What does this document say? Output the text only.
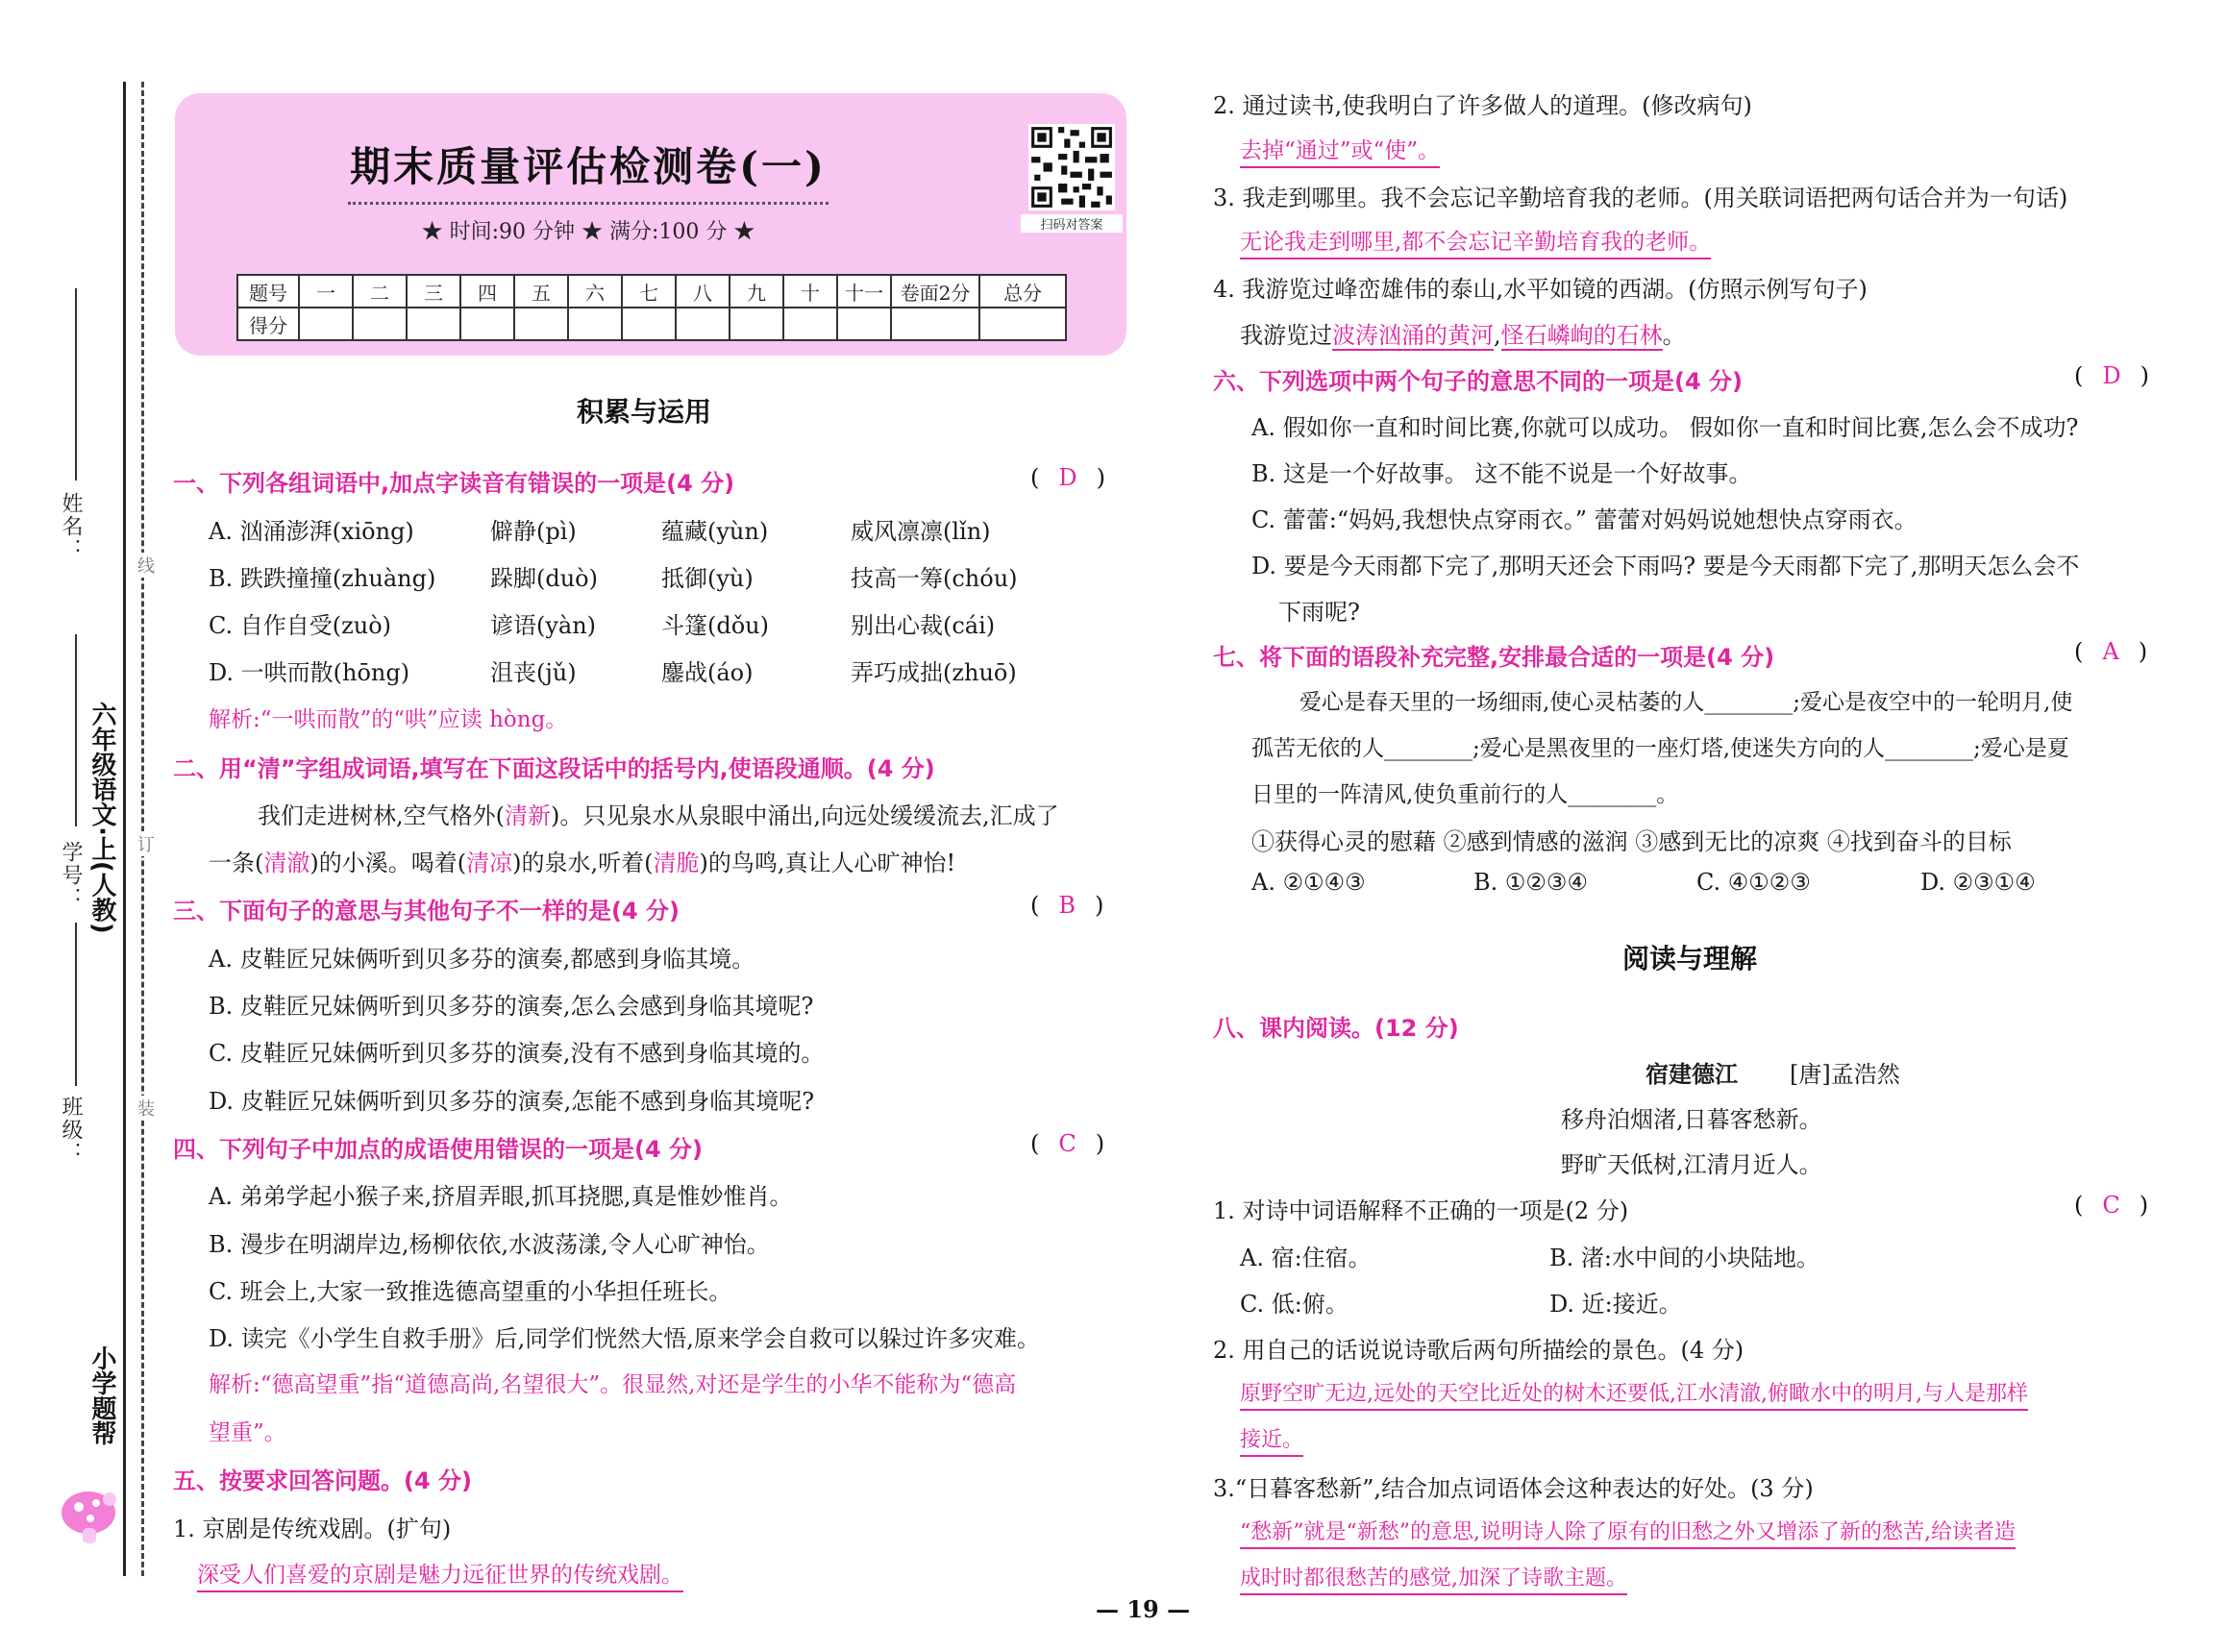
姓名：
学号：
班级：
六年级语文·上(人教)
线
订
装
小学题帮
期末质量评估检测卷(一)
★ 时间:90 分钟 ★ 满分:100 分 ★	扫码对答案
题号	一	二	三	四	五	六	七	八	九	十	十一	卷面2分	总分
得分													
积累与运用
一、下列各组词语中,加点字读音有错误的一项是(4 分)	( D )
A. 汹涌澎湃(xiōng)	僻静(pì)	蕴藏(yùn)	威风凛凛(lǐn)
B. 跌跌撞撞(zhuàng) 跺脚(duò)	抵御(yù)	技高一筹(chóu)
C. 自作自受(zuò)	谚语(yàn)	斗篷(dǒu)	别出心裁(cái)
D. 一哄而散(hōng)	沮丧(jǔ)	鏖战(áo)	弄巧成拙(zhuō)
解析:“一哄而散”的“哄”应读 hòng。
二、用“清”字组成词语,填写在下面这段话中的括号内,使语段通顺。(4 分)
我们走进树林,空气格外(清新)。只见泉水从泉眼中涌出,向远处缓缓流去,汇成了
一条(清澈)的小溪。喝着(清凉)的泉水,听着(清脆)的鸟鸣,真让人心旷神怡!
三、下面句子的意思与其他句子不一样的是(4 分)	( B )
A. 皮鞋匠兄妹俩听到贝多芬的演奏,都感到身临其境。
B. 皮鞋匠兄妹俩听到贝多芬的演奏,怎么会感到身临其境呢?
C. 皮鞋匠兄妹俩听到贝多芬的演奏,没有不感到身临其境的。
D. 皮鞋匠兄妹俩听到贝多芬的演奏,怎能不感到身临其境呢?
四、下列句子中加点的成语使用错误的一项是(4 分)	( C )
A. 弟弟学起小猴子来,挤眉弄眼,抓耳挠腮,真是惟妙惟肖。
B. 漫步在明湖岸边,杨柳依依,水波荡漾,令人心旷神怡。
C. 班会上,大家一致推选德高望重的小华担任班长。
D. 读完《小学生自救手册》后,同学们恍然大悟,原来学会自救可以躲过许多灾难。
解析:“德高望重”指“道德高尚,名望很大”。很显然,对还是学生的小华不能称为“德高
望重”。
五、按要求回答问题。(4 分)
1. 京剧是传统戏剧。(扩句)
深受人们喜爱的京剧是魅力远征世界的传统戏剧。
2. 通过读书,使我明白了许多做人的道理。(修改病句)
去掉“通过”或“使”。
3. 我走到哪里。我不会忘记辛勤培育我的老师。(用关联词语把两句话合并为一句话)
无论我走到哪里,都不会忘记辛勤培育我的老师。
4. 我游览过峰峦雄伟的泰山,水平如镜的西湖。(仿照示例写句子)
我游览过波涛汹涌的黄河,怪石嶙峋的石林。
六、下列选项中两个句子的意思不同的一项是(4 分)	( D )
A. 假如你一直和时间比赛,你就可以成功。 假如你一直和时间比赛,怎么会不成功?
B. 这是一个好故事。 这不能不说是一个好故事。
C. 蕾蕾:“妈妈,我想快点穿雨衣。” 蕾蕾对妈妈说她想快点穿雨衣。
D. 要是今天雨都下完了,那明天还会下雨吗? 要是今天雨都下完了,那明天怎么会不
下雨呢?
七、将下面的语段补充完整,安排最合适的一项是(4 分)	( A )
爱心是春天里的一场细雨,使心灵枯萎的人________;爱心是夜空中的一轮明月,使
孤苦无依的人________;爱心是黑夜里的一座灯塔,使迷失方向的人________;爱心是夏
日里的一阵清风,使负重前行的人________。
①获得心灵的慰藉 ②感到情感的滋润 ③感到无比的凉爽 ④找到奋斗的目标
A. ②①④③	B. ①②③④	C. ④①②③	D. ②③①④
阅读与理解
八、课内阅读。(12 分)
宿建德江 [唐]孟浩然
移舟泊烟渚,日暮客愁新。
野旷天低树,江清月近人。
1. 对诗中词语解释不正确的一项是(2 分)	( C )
A. 宿:住宿。	B. 渚:水中间的小块陆地。
C. 低:俯。	D. 近:接近。
2. 用自己的话说说诗歌后两句所描绘的景色。(4 分)
原野空旷无边,远处的天空比近处的树木还要低,江水清澈,俯瞰水中的明月,与人是那样
接近。
3.“日暮客愁新”,结合加点词语体会这种表达的好处。(3 分)
“愁新”就是“新愁”的意思,说明诗人除了原有的旧愁之外又增添了新的愁苦,给读者造
成时时都很愁苦的感觉,加深了诗歌主题。
— 19 —
